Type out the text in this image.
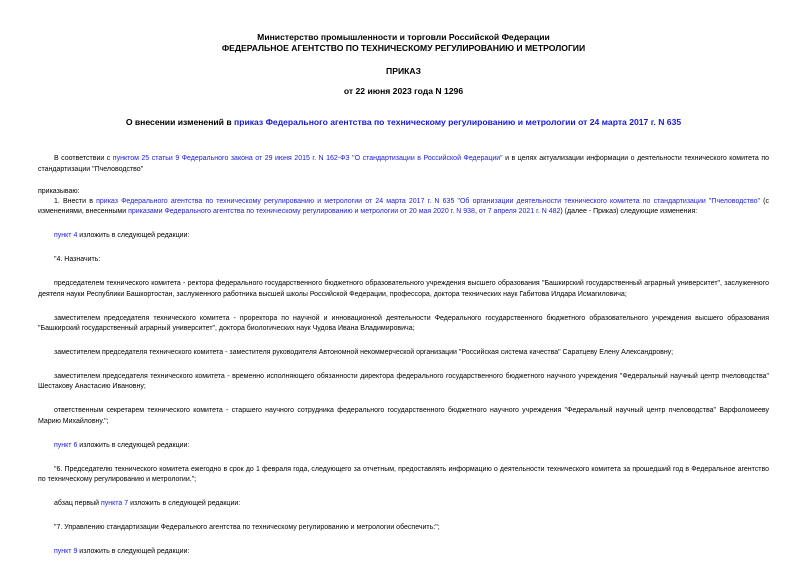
Министерство промышленности и торговли Российской Федерации
ФЕДЕРАЛЬНОЕ АГЕНТСТВО ПО ТЕХНИЧЕСКОМУ РЕГУЛИРОВАНИЮ И МЕТРОЛОГИИ
ПРИКАЗ
от 22 июня 2023 года N 1296
О внесении изменений в приказ Федерального агентства по техническому регулированию и метрологии от 24 марта 2017 г. N 635

В соответствии с пунктом 25 статьи 9 Федерального закона от 29 июня 2015 г. N 162-ФЗ "О стандартизации в Российской Федерации" и в целях актуализации информации о деятельности технического комитета по стандартизации "Пчеловодство"

приказываю:

1. Внести в приказ Федерального агентства по техническому регулированию и метрологии от 24 марта 2017 г. N 635 "Об организации деятельности технического комитета по стандартизации "Пчеловодство" (с изменениями, внесенными приказами Федерального агентства по техническому регулированию и метрологии от 20 мая 2020 г. N 938, от 7 апреля 2021 г. N 482) (далее - Приказ) следующие изменения:

пункт 4 изложить в следующей редакции:

"4. Назначить:

председателем технического комитета - ректора федерального государственного бюджетного образовательного учреждения высшего образования "Башкирский государственный аграрный университет", заслуженного деятеля науки Республики Башкортостан, заслуженного работника высшей школы Российской Федерации, профессора, доктора технических наук Габитова Илдара Исмагиловича;

заместителем председателя технического комитета - проректора по научной и инновационной деятельности Федерального государственного бюджетного образовательного учреждения высшего образования "Башкирский государственный аграрный университет", доктора биологических наук Чудова Ивана Владимировича;

заместителем председателя технического комитета - заместителя руководителя Автономной некоммерческой организации "Российская система качества" Саратцеву Елену Александровну;

заместителем председателя технического комитета - временно исполняющего обязанности директора федерального государственного бюджетного научного учреждения "Федеральный научный центр пчеловодства" Шестакову Анастасию Ивановну;

ответственным секретарем технического комитета - старшего научного сотрудника федерального государственного бюджетного научного учреждения "Федеральный научный центр пчеловодства" Варфоломееву Марию Михайловну.";

пункт 6 изложить в следующей редакции:

"6. Председателю технического комитета ежегодно в срок до 1 февраля года, следующего за отчетным, предоставлять информацию о деятельности технического комитета за прошедший год в Федеральное агентство по техническому регулированию и метрологии.";

абзац первый пункта 7 изложить в следующей редакции:

"7. Управлению стандартизации Федерального агентства по техническому регулированию и метрологии обеспечить:";

пункт 9 изложить в следующей редакции:
